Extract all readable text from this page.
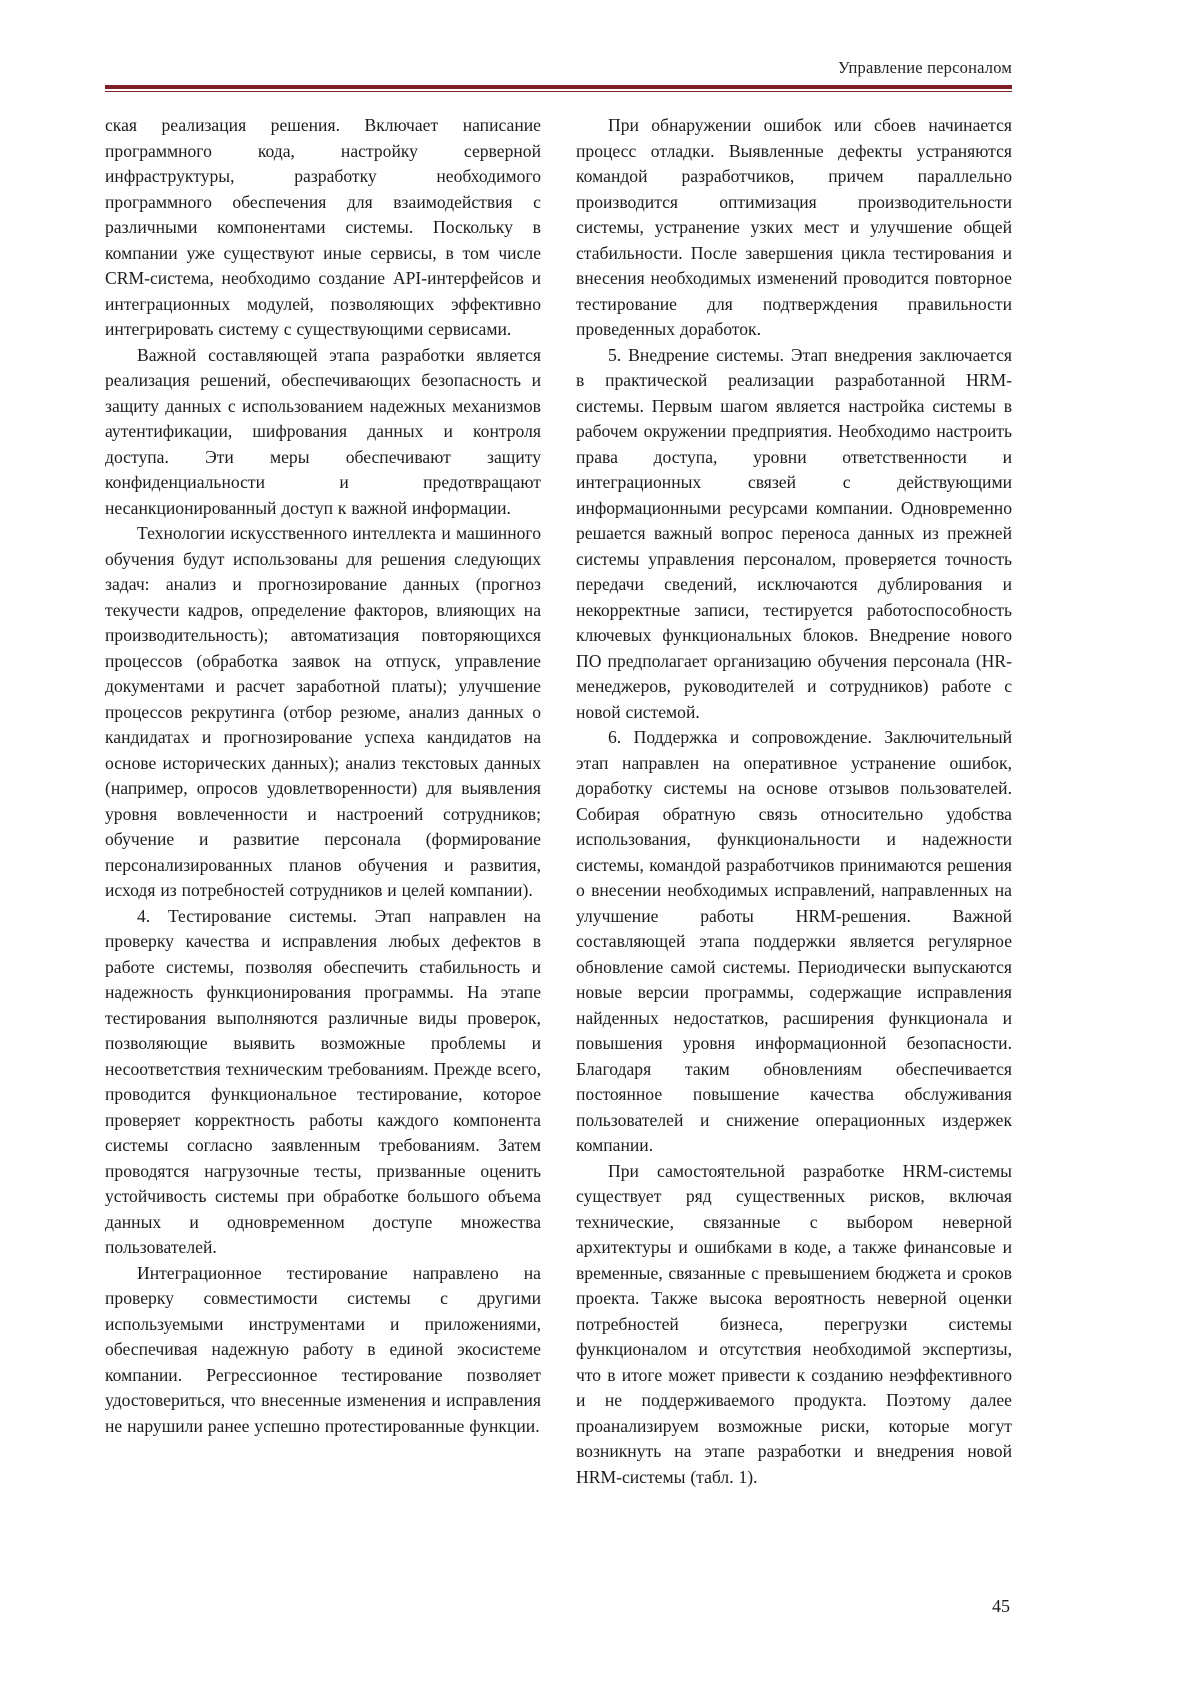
Управление персоналом

ская реализация решения. Включает написание программного кода, настройку серверной инфраструктуры, разработку необходимого программного обеспечения для взаимодействия с различными компонентами системы. Поскольку в компании уже существуют иные сервисы, в том числе CRM-система, необходимо создание API-интерфейсов и интеграционных модулей, позволяющих эффективно интегрировать систему с существующими сервисами.

Важной составляющей этапа разработки является реализация решений, обеспечивающих безопасность и защиту данных с использованием надежных механизмов аутентификации, шифрования данных и контроля доступа. Эти меры обеспечивают защиту конфиденциальности и предотвращают несанкционированный доступ к важной информации.

Технологии искусственного интеллекта и машинного обучения будут использованы для решения следующих задач: анализ и прогнозирование данных (прогноз текучести кадров, определение факторов, влияющих на производительность); автоматизация повторяющихся процессов (обработка заявок на отпуск, управление документами и расчет заработной платы); улучшение процессов рекрутинга (отбор резюме, анализ данных о кандидатах и прогнозирование успеха кандидатов на основе исторических данных); анализ текстовых данных (например, опросов удовлетворенности) для выявления уровня вовлеченности и настроений сотрудников; обучение и развитие персонала (формирование персонализированных планов обучения и развития, исходя из потребностей сотрудников и целей компании).

4. Тестирование системы. Этап направлен на проверку качества и исправления любых дефектов в работе системы, позволяя обеспечить стабильность и надежность функционирования программы. На этапе тестирования выполняются различные виды проверок, позволяющие выявить возможные проблемы и несоответствия техническим требованиям. Прежде всего, проводится функциональное тестирование, которое проверяет корректность работы каждого компонента системы согласно заявленным требованиям. Затем проводятся нагрузочные тесты, призванные оценить устойчивость системы при обработке большого объема данных и одновременном доступе множества пользователей.

Интеграционное тестирование направлено на проверку совместимости системы с другими используемыми инструментами и приложениями, обеспечивая надежную работу в единой экосистеме компании. Регрессионное тестирование позволяет удостовериться, что внесенные изменения и исправления не нарушили ранее успешно протестированные функции.

При обнаружении ошибок или сбоев начинается процесс отладки. Выявленные дефекты устраняются командой разработчиков, причем параллельно производится оптимизация производительности системы, устранение узких мест и улучшение общей стабильности. После завершения цикла тестирования и внесения необходимых изменений проводится повторное тестирование для подтверждения правильности проведенных доработок.

5. Внедрение системы. Этап внедрения заключается в практической реализации разработанной HRM-системы. Первым шагом является настройка системы в рабочем окружении предприятия. Необходимо настроить права доступа, уровни ответственности и интеграционных связей с действующими информационными ресурсами компании. Одновременно решается важный вопрос переноса данных из прежней системы управления персоналом, проверяется точность передачи сведений, исключаются дублирования и некорректные записи, тестируется работоспособность ключевых функциональных блоков. Внедрение нового ПО предполагает организацию обучения персонала (HR-менеджеров, руководителей и сотрудников) работе с новой системой.

6. Поддержка и сопровождение. Заключительный этап направлен на оперативное устранение ошибок, доработку системы на основе отзывов пользователей. Собирая обратную связь относительно удобства использования, функциональности и надежности системы, командой разработчиков принимаются решения о внесении необходимых исправлений, направленных на улучшение работы HRM-решения. Важной составляющей этапа поддержки является регулярное обновление самой системы. Периодически выпускаются новые версии программы, содержащие исправления найденных недостатков, расширения функционала и повышения уровня информационной безопасности. Благодаря таким обновлениям обеспечивается постоянное повышение качества обслуживания пользователей и снижение операционных издержек компании.

При самостоятельной разработке HRM-системы существует ряд существенных рисков, включая технические, связанные с выбором неверной архитектуры и ошибками в коде, а также финансовые и временные, связанные с превышением бюджета и сроков проекта. Также высока вероятность неверной оценки потребностей бизнеса, перегрузки системы функционалом и отсутствия необходимой экспертизы, что в итоге может привести к созданию неэффективного и не поддерживаемого продукта. Поэтому далее проанализируем возможные риски, которые могут возникнуть на этапе разработки и внедрения новой HRM-системы (табл. 1).

45
